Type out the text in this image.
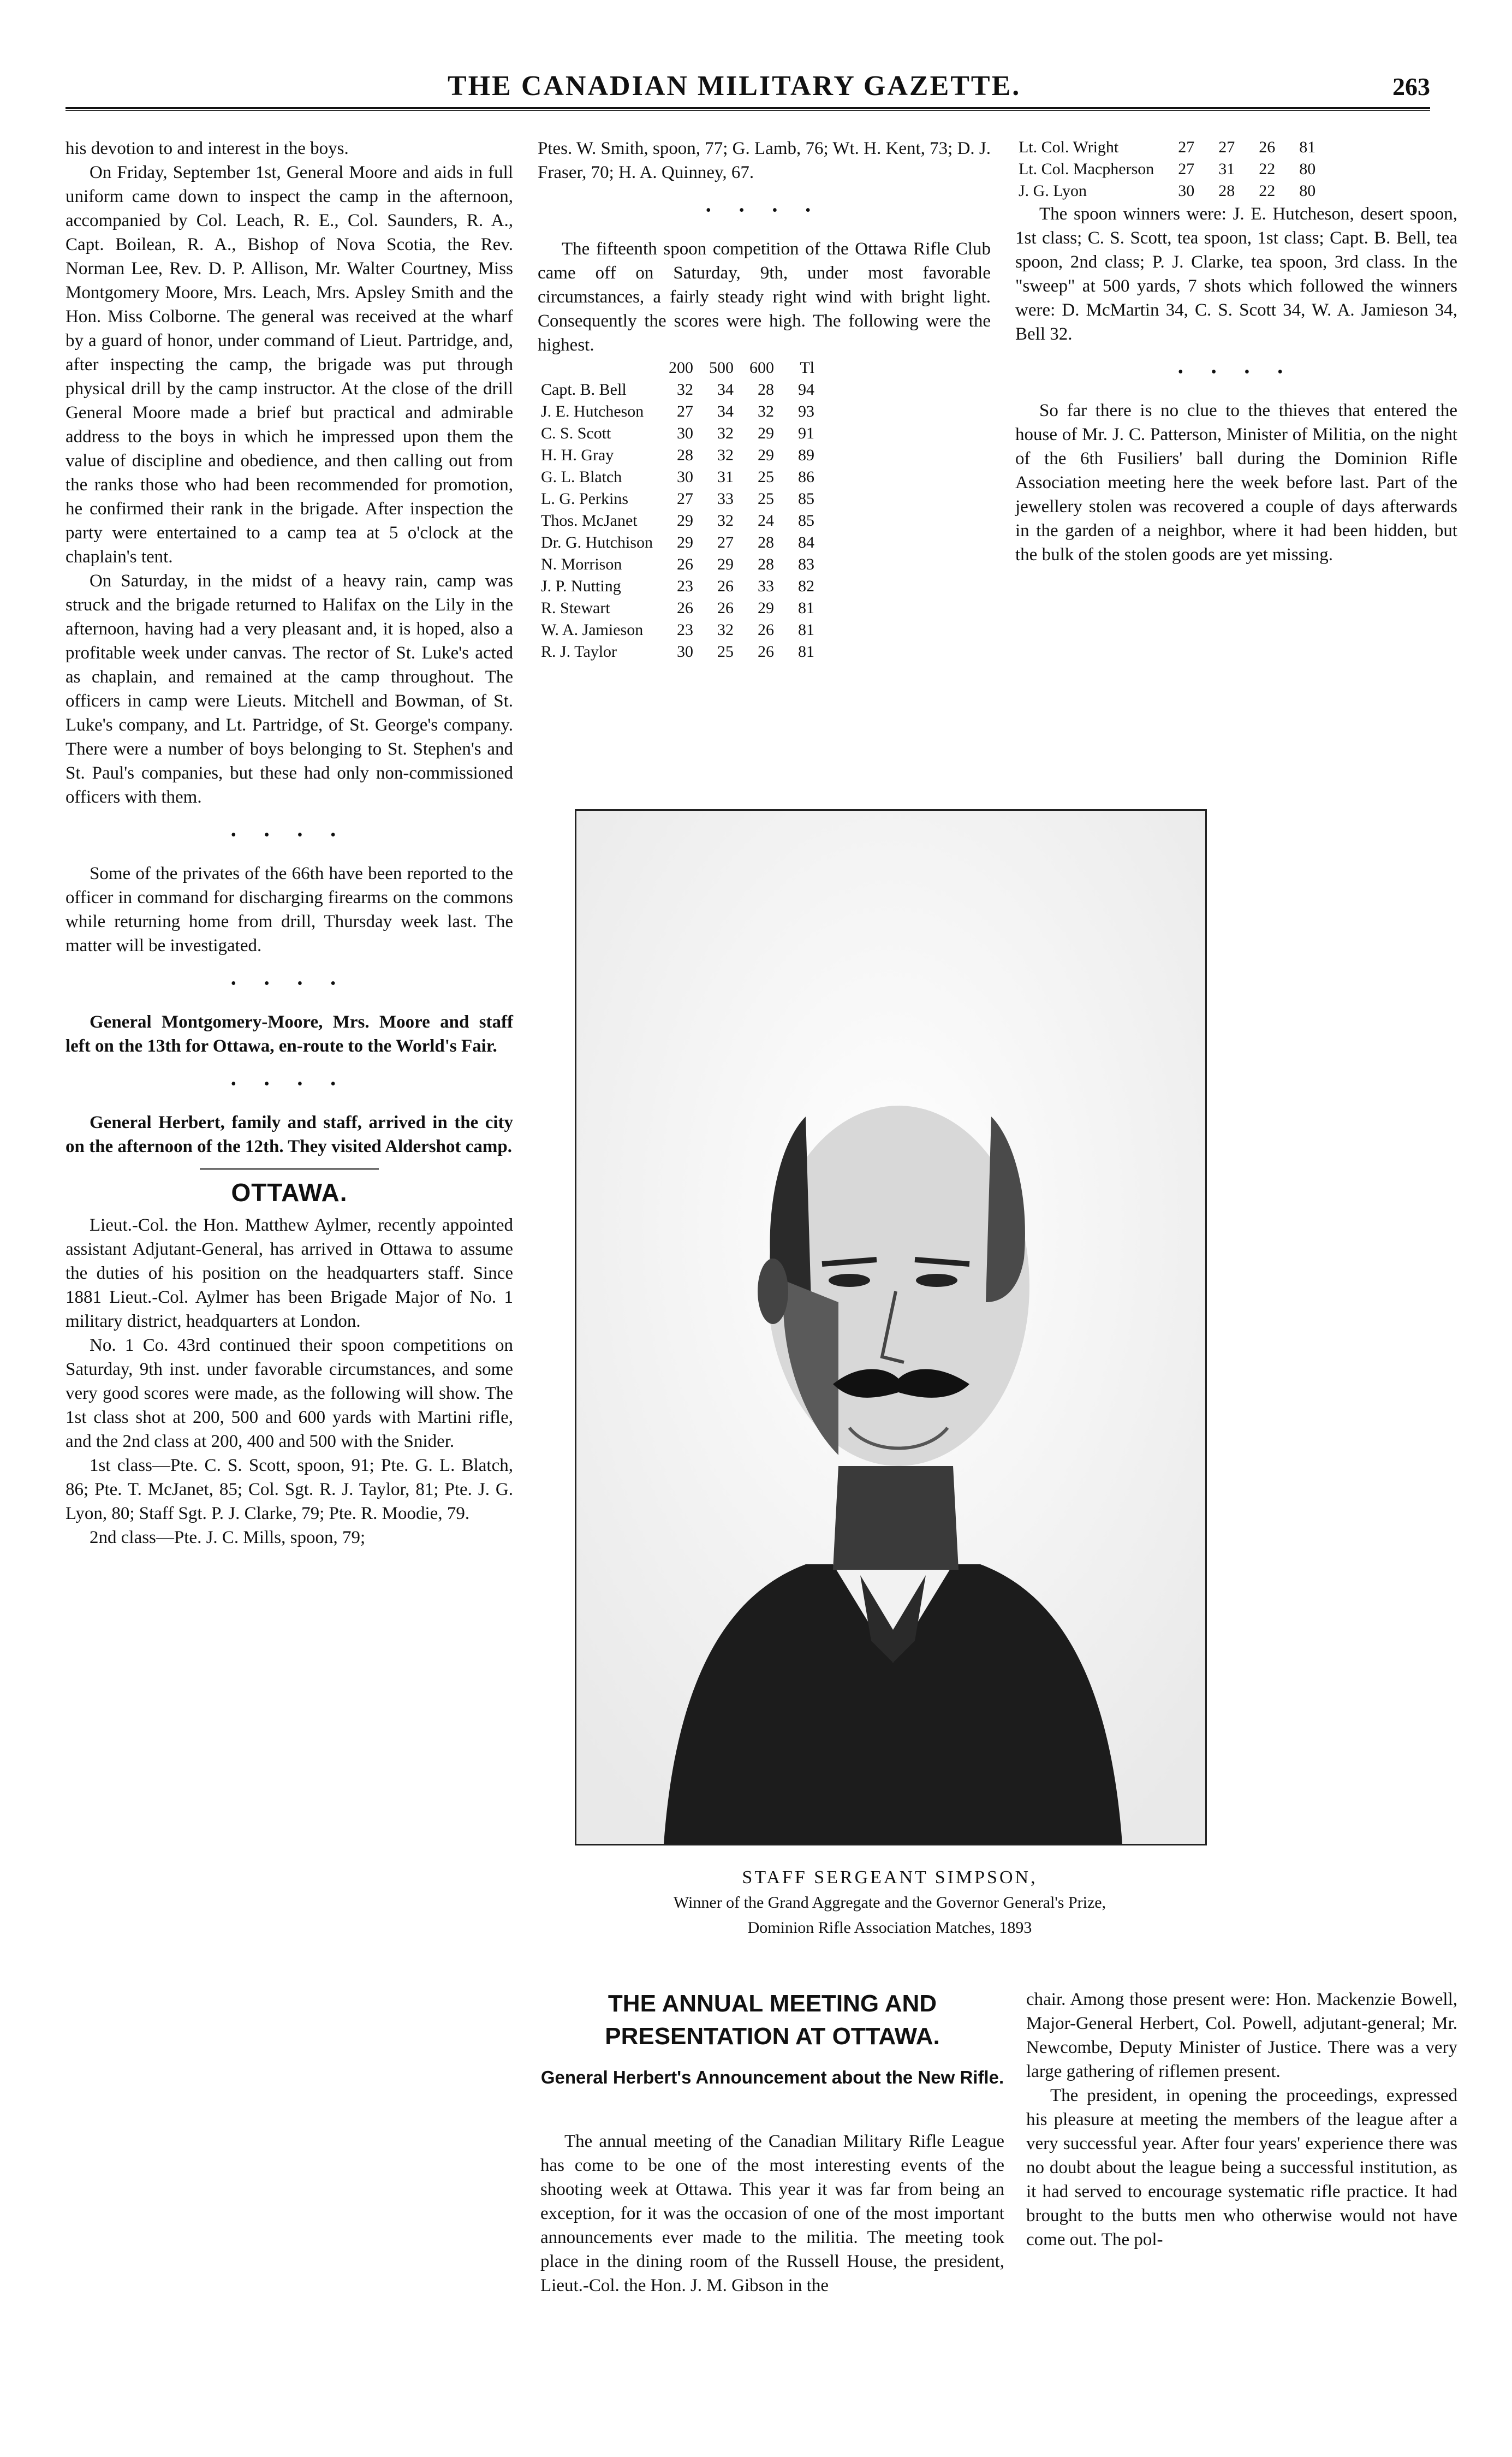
THE CANADIAN MILITARY GAZETTE.	263

his devotion to and interest in the boys.

On Friday, September 1st, General Moore and aids in full uniform came down to inspect the camp in the afternoon, accompanied by Col. Leach, R. E., Col. Saunders, R. A., Capt. Boilean, R. A., Bishop of Nova Scotia, the Rev. Norman Lee, Rev. D. P. Allison, Mr. Walter Courtney, Miss Montgomery Moore, Mrs. Leach, Mrs. Apsley Smith and the Hon. Miss Colborne. The general was received at the wharf by a guard of honor, under command of Lieut. Partridge, and, after inspecting the camp, the brigade was put through physical drill by the camp instructor. At the close of the drill General Moore made a brief but practical and admirable address to the boys in which he impressed upon them the value of discipline and obedience, and then calling out from the ranks those who had been recommended for promotion, he confirmed their rank in the brigade. After inspection the party were entertained to a camp tea at 5 o'clock at the chaplain's tent.

On Saturday, in the midst of a heavy rain, camp was struck and the brigade returned to Halifax on the Lily in the afternoon, having had a very pleasant and, it is hoped, also a profitable week under canvas. The rector of St. Luke's acted as chaplain, and remained at the camp throughout. The officers in camp were Lieuts. Mitchell and Bowman, of St. Luke's company, and Lt. Partridge, of St. George's company. There were a number of boys belonging to St. Stephen's and St. Paul's companies, but these had only non-commissioned officers with them.

• • • •

Some of the privates of the 66th have been reported to the officer in command for discharging firearms on the commons while returning home from drill, Thursday week last. The matter will be investigated.

• • • •

General Montgomery-Moore, Mrs. Moore and staff left on the 13th for Ottawa, en-route to the World's Fair.

• • • •

General Herbert, family and staff, arrived in the city on the afternoon of the 12th. They visited Aldershot camp.

OTTAWA.

Lieut.-Col. the Hon. Matthew Aylmer, recently appointed assistant Adjutant-General, has arrived in Ottawa to assume the duties of his position on the headquarters staff. Since 1881 Lieut.-Col. Aylmer has been Brigade Major of No. 1 military district, headquarters at London.

No. 1 Co. 43rd continued their spoon competitions on Saturday, 9th inst. under favorable circumstances, and some very good scores were made, as the following will show. The 1st class shot at 200, 500 and 600 yards with Martini rifle, and the 2nd class at 200, 400 and 500 with the Snider.

1st class—Pte. C. S. Scott, spoon, 91; Pte. G. L. Blatch, 86; Pte. T. McJanet, 85; Col. Sgt. R. J. Taylor, 81; Pte. J. G. Lyon, 80; Staff Sgt. P. J. Clarke, 79; Pte. R. Moodie, 79.

2nd class—Pte. J. C. Mills, spoon, 79;

Ptes. W. Smith, spoon, 77; G. Lamb, 76; Wt. H. Kent, 73; D. J. Fraser, 70; H. A. Quinney, 67.

• • • •

The fifteenth spoon competition of the Ottawa Rifle Club came off on Saturday, 9th, under most favorable circumstances, a fairly steady right wind with bright light. Consequently the scores were high. The following were the highest.

	200	500	600	Tl
Capt. B. Bell	32	34	28	94
J. E. Hutcheson	27	34	32	93
C. S. Scott	30	32	29	91
H. H. Gray	28	32	29	89
G. L. Blatch	30	31	25	86
L. G. Perkins	27	33	25	85
Thos. McJanet	29	32	24	85
Dr. G. Hutchison	29	27	28	84
N. Morrison	26	29	28	83
J. P. Nutting	23	26	33	82
R. Stewart	26	26	29	81
W. A. Jamieson	23	32	26	81
R. J. Taylor	30	25	26	81
Lt. Col. Wright	27	27	26	81
Lt. Col. Macpherson	27	31	22	80
J. G. Lyon	30	28	22	80

The spoon winners were: J. E. Hutcheson, desert spoon, 1st class; C. S. Scott, tea spoon, 1st class; Capt. B. Bell, tea spoon, 2nd class; P. J. Clarke, tea spoon, 3rd class. In the "sweep" at 500 yards, 7 shots which followed the winners were: D. McMartin 34, C. S. Scott 34, W. A. Jamieson 34, Bell 32.

• • • •

So far there is no clue to the thieves that entered the house of Mr. J. C. Patterson, Minister of Militia, on the night of the 6th Fusiliers' ball during the Dominion Rifle Association meeting here the week before last. Part of the jewellery stolen was recovered a couple of days afterwards in the garden of a neighbor, where it had been hidden, but the bulk of the stolen goods are yet missing.

STAFF SERGEANT SIMPSON,
Winner of the Grand Aggregate and the Governor General's Prize,
Dominion Rifle Association Matches, 1893
THE ANNUAL MEETING AND PRESENTATION AT OTTAWA.
General Herbert's Announcement about the New Rifle.

The annual meeting of the Canadian Military Rifle League has come to be one of the most interesting events of the shooting week at Ottawa. This year it was far from being an exception, for it was the occasion of one of the most important announcements ever made to the militia. The meeting took place in the dining room of the Russell House, the president, Lieut.-Col. the Hon. J. M. Gibson in the

chair. Among those present were: Hon. Mackenzie Bowell, Major-General Herbert, Col. Powell, adjutant-general; Mr. Newcombe, Deputy Minister of Justice. There was a very large gathering of riflemen present.

The president, in opening the proceedings, expressed his pleasure at meeting the members of the league after a very successful year. After four years' experience there was no doubt about the league being a successful institution, as it had served to encourage systematic rifle practice. It had brought to the butts men who otherwise would not have come out. The pol-
